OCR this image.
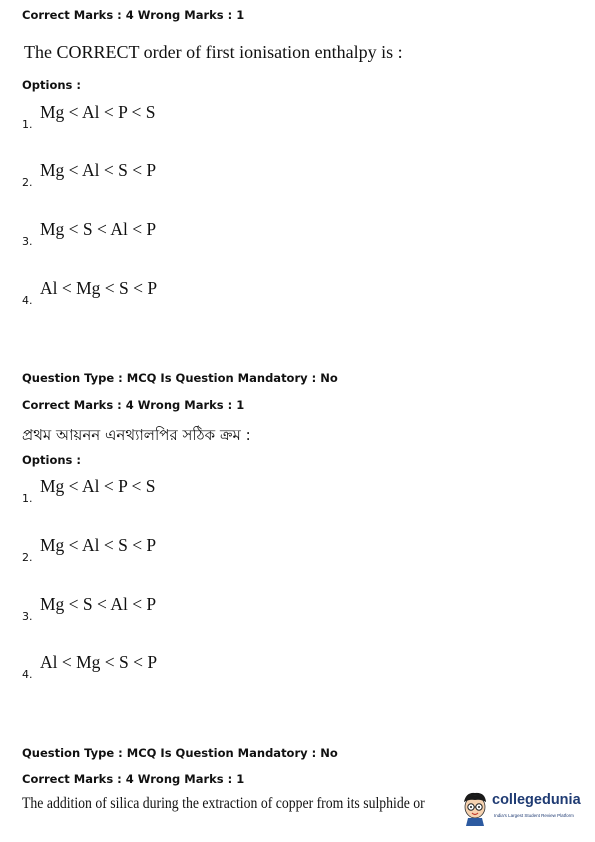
Correct Marks : 4 Wrong Marks : 1
The CORRECT order of first ionisation enthalpy is :
Options :
1.
Mg < Al < P < S
2.
Mg < Al < S < P
3.
Mg < S < Al < P
4.
Al < Mg < S < P
Question Type : MCQ Is Question Mandatory : No
Correct Marks : 4 Wrong Marks : 1
প্রথম আয়নন এনথ্যালপির সঠিক ক্রম :
Options :
1.
Mg < Al < P < S
2.
Mg < Al < S < P
3.
Mg < S < Al < P
4.
Al < Mg < S < P
Question Type : MCQ Is Question Mandatory : No
Correct Marks : 4 Wrong Marks : 1
The addition of silica during the extraction of copper from its sulphide or	collegedunia
India's Largest Student Review Platform
